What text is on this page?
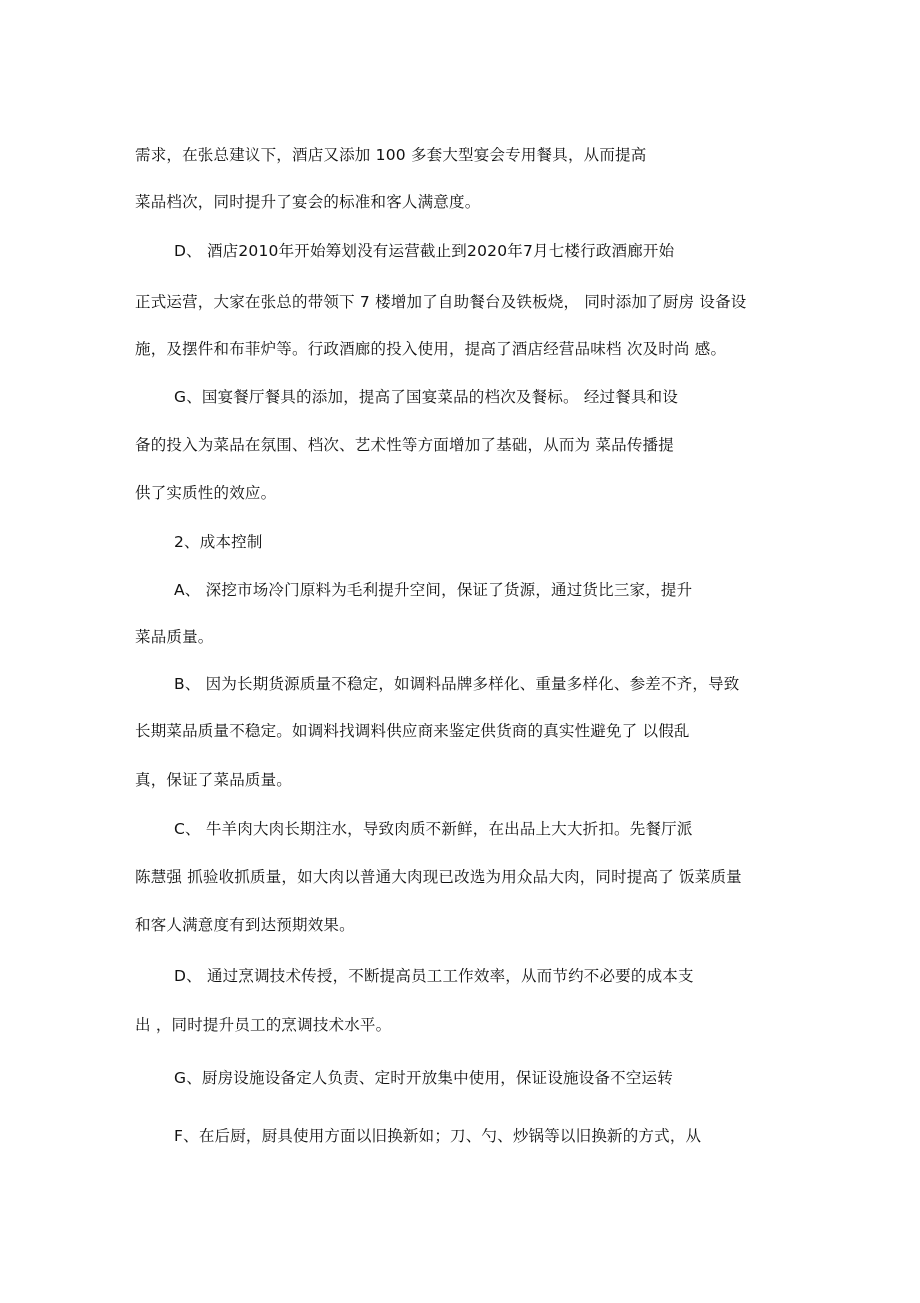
需求，在张总建议下，酒店又添加 100 多套大型宴会专用餐具，从而提高
菜品档次，同时提升了宴会的标准和客人满意度。
D、 酒店2010年开始筹划没有运营截止到2020年7月七楼行政酒廊开始
正式运营，大家在张总的带领下 7 楼增加了自助餐台及铁板烧， 同时添加了厨房 设备设
施，及摆件和布菲炉等。行政酒廊的投入使用，提高了酒店经营品味档 次及时尚 感。
G、国宴餐厅餐具的添加，提高了国宴菜品的档次及餐标。 经过餐具和设
备的投入为菜品在氛围、档次、艺术性等方面增加了基础，从而为 菜品传播提
供了实质性的效应。
2、成本控制
A、 深挖市场冷门原料为毛利提升空间，保证了货源，通过货比三家，提升
菜品质量。
B、 因为长期货源质量不稳定，如调料品牌多样化、重量多样化、参差不齐，导致
长期菜品质量不稳定。如调料找调料供应商来鉴定供货商的真实性避免了 以假乱
真，保证了菜品质量。
C、 牛羊肉大肉长期注水，导致肉质不新鲜，在出品上大大折扣。先餐厅派
陈慧强 抓验收抓质量，如大肉以普通大肉现已改选为用众品大肉，同时提高了 饭菜质量
和客人满意度有到达预期效果。
D、 通过烹调技术传授，不断提高员工工作效率，从而节约不必要的成本支
出 ，同时提升员工的烹调技术水平。
G、厨房设施设备定人负责、定时开放集中使用，保证设施设备不空运转
F、在后厨，厨具使用方面以旧换新如；刀、勺、炒锅等以旧换新的方式，从
